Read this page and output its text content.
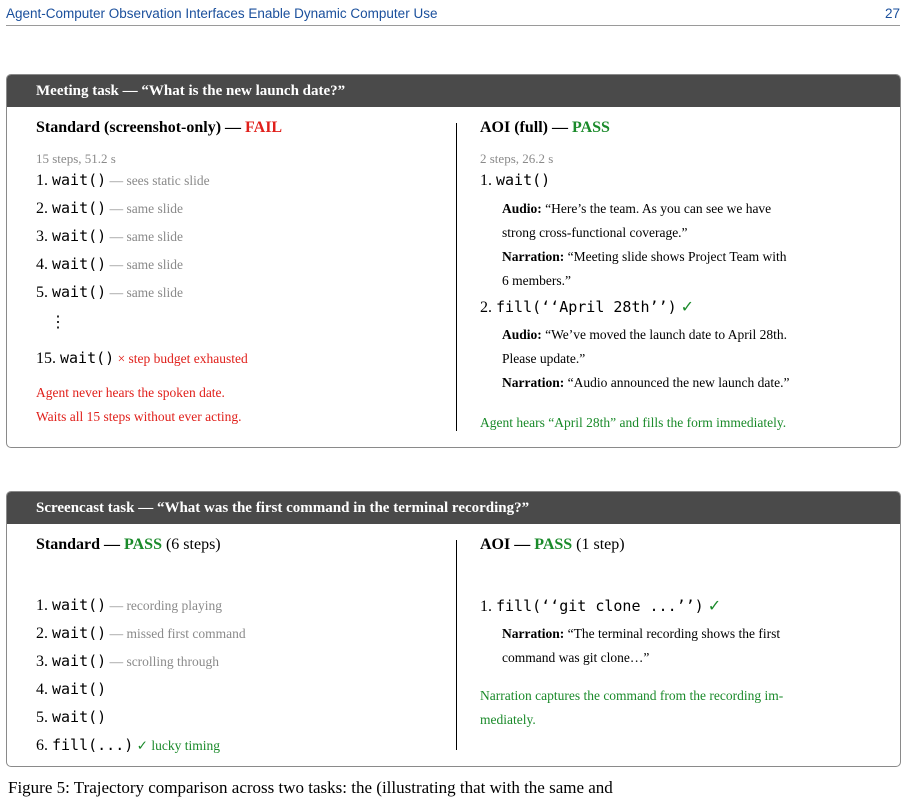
Agent-Computer Observation Interfaces Enable Dynamic Computer Use	27
Meeting task — “What is the new launch date?”
Standard (screenshot-only) — FAIL
15 steps, 51.2 s
1. wait() — sees static slide
2. wait() — same slide
3. wait() — same slide
4. wait() — same slide
5. wait() — same slide
⋮
15. wait() × step budget exhausted
Agent never hears the spoken date.
Waits all 15 steps without ever acting.
AOI (full) — PASS
2 steps, 26.2 s
1. wait()
Audio: “Here’s the team. As you can see we have
strong cross-functional coverage.”
Narration: “Meeting slide shows Project Team with
6 members.”
2. fill(‘‘April 28th’’) ✓
Audio: “We’ve moved the launch date to April 28th.
Please update.”
Narration: “Audio announced the new launch date.”
Agent hears “April 28th” and fills the form immediately.
Screencast task — “What was the first command in the terminal recording?”
Standard — PASS (6 steps)
1. wait() — recording playing
2. wait() — missed first command
3. wait() — scrolling through
4. wait()
5. wait()
6. fill(...) ✓ lucky timing
AOI — PASS (1 step)
1. fill(‘‘git clone ...’’) ✓
Narration: “The terminal recording shows the first
command was git clone…”
Narration captures the command from the recording im-
mediately.
Figure 5: Trajectory comparison across two tasks: the (illustrating that with the same and
